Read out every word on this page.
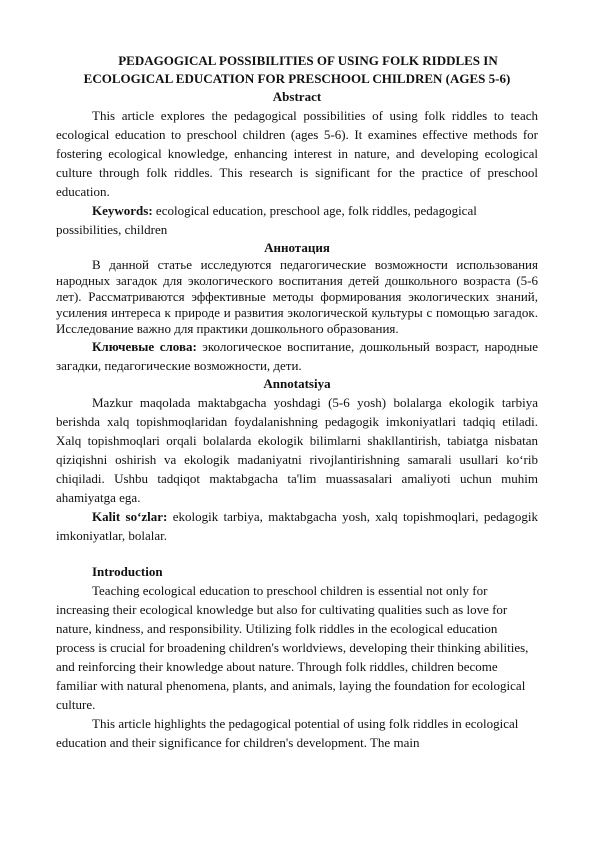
PEDAGOGICAL POSSIBILITIES OF USING FOLK RIDDLES IN
ECOLOGICAL EDUCATION FOR PRESCHOOL CHILDREN (AGES 5-6)
Abstract

This article explores the pedagogical possibilities of using folk riddles to teach ecological education to preschool children (ages 5-6). It examines effective methods for fostering ecological knowledge, enhancing interest in nature, and developing ecological culture through folk riddles. This research is significant for the practice of preschool education.

Keywords: ecological education, preschool age, folk riddles, pedagogical possibilities, children

Аннотация

В данной статье исследуются педагогические возможности использования народных загадок для экологического воспитания детей дошкольного возраста (5-6 лет). Рассматриваются эффективные методы формирования экологических знаний, усиления интереса к природе и развития экологической культуры с помощью загадок. Исследование важно для практики дошкольного образования.

Ключевые слова: экологическое воспитание, дошкольный возраст, народные загадки, педагогические возможности, дети.

Annotatsiya

Mazkur maqolada maktabgacha yoshdagi (5-6 yosh) bolalarga ekologik tarbiya berishda xalq topishmoqlaridan foydalanishning pedagogik imkoniyatlari tadqiq etiladi. Xalq topishmoqlari orqali bolalarda ekologik bilimlarni shakllantirish, tabiatga nisbatan qiziqishni oshirish va ekologik madaniyatni rivojlantirishning samarali usullari ko‘rib chiqiladi. Ushbu tadqiqot maktabgacha ta'lim muassasalari amaliyoti uchun muhim ahamiyatga ega.

Kalit so‘zlar: ekologik tarbiya, maktabgacha yosh, xalq topishmoqlari, pedagogik imkoniyatlar, bolalar.

Introduction

Teaching ecological education to preschool children is essential not only for increasing their ecological knowledge but also for cultivating qualities such as love for nature, kindness, and responsibility. Utilizing folk riddles in the ecological education process is crucial for broadening children's worldviews, developing their thinking abilities, and reinforcing their knowledge about nature. Through folk riddles, children become familiar with natural phenomena, plants, and animals, laying the foundation for ecological culture.

This article highlights the pedagogical potential of using folk riddles in ecological education and their significance for children's development. The main
